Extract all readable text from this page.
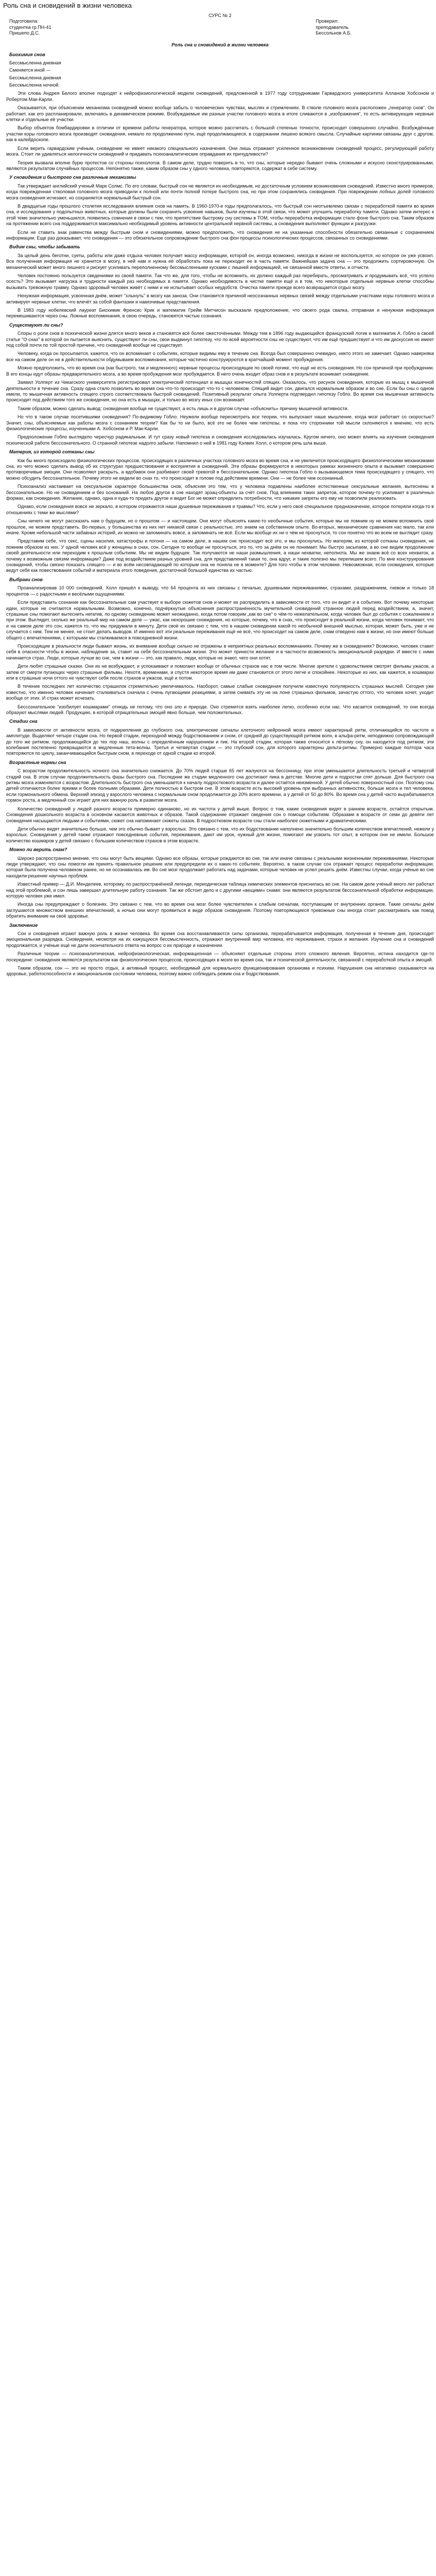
Роль сна и сновидений в жизни человека

СУРС № 2

Подготовила:
студентка гр.ПН-41
Пришепо Д.С.
Проверил:
преподаватель
Бессольнов А.Б.

Роль сна и сновидений в жизни человека

Биохимия снов

Бессмысленна дневная

Сменяется иной —

Бессмысленна дневная

Бессмысленна ночной.

Эти слова Андрея Белого вполне подходят к нейрофизиологической модели сновидений, предложенной в 1977 году сотрудниками Гарвардского университета Алланом Хобсоном и Робертом Мак-Карли.

Оказывается, при объяснении механизма сновидений можно вообще забыть о человеческих чувствах, мыслях и стремлениях. В стволе головного мозга расположен „генератор снов“. Он работает, как его распланировали, включаясь в динамическом режиме. Возбуждаемые им разные участки головного мозга в итоге сливаются в „изображения“, то есть активирующие нервные клетки и отдельные её участки.

Выбор объектов бомбардировки в отличии от времени работы генератора, которое можно рассчитать с большой степенью точности, происходит совершенно случайно. Возбуждённые участки коры головного мозга производят сновидения, немало по продолжению пути, ещё продолжающиеся, в содержании лишено всякого смысла. Случайные картинки связаны друг с другом, как в калейдоскопе.

Если верить гарвардским учёным, сновидение не имеет никакого специального назначения. Они лишь отражают усиленное возникновение сновидений процесс, регулирующий работу мозга. Стоит ли удивляться нелогичности сновидений и придавать психоаналитические оправдания их причудливости?

Теория вызвала вполне бурю протестов со стороны психологов. В самом деле, трудно поверить в то, что сны, которые нередко бывают очень сложными и искусно сконструированными, являются результатом случайных процессов. Непонятно также, каким образом сны у одного человека, повторяются, содержат в себе систему.

У сновидения и быстрого сна различные механизмы

Так утверждает английский ученый Марк Солмс. По его словам, быстрый сон не является их необходимым, но достаточным условием возникновения сновидений. Известно много примеров, когда поврежденная стволовая головного мозга приводили к полной или почти полной потере быстрого сна, но при этом сохранялись сновидения. При повреждении лобных долей головного мозга сновидения исчезают, но сохраняется нормальный быстрый сон.

В двадцатые годы прошлого столетия исследования влияния снов на память. В 1960-1970-е годы предполагалось, что быстрый сон неотъемлемо связан с переработкой памяти во время сна, и исследования у подопытных животных, которые должны были сохранить усвоение навыков, были изучены в этой связи, что может улучшить переработку памяти. Однако затем интерес к этой теме значительно уменьшился, появились сомнения в связи с тем, что препятствие быстрому сну системы в ТОМ, чтобы переработка информации стало фоне быстрого сна. Таким образом на протяжении всего сна поддерживается максимально необходимый уровень активности центральной нервной системы, а сновидения выполняют функции и разгрузки.

Если не ставить знак равенства между быстрым сном и сновидениями, можно предположить, что сновидения не на указанные способности обязательно связанные с сохранением информации. Еще раз доказывает, что сновидения — это обязательное сопровождение быстрого сна фон процессы психологических процессов, связанных со сновидениями.

Видим сны, чтобы забывать

За целый день беготни, суеты, работы или даже отдыха человек получает массу информации, которой он, иногда возможно, никогда в жизни не воспользуется, но которое он уже усвоил. Все полученная информация не хранится в мозгу, в ней нам и нужна её обработать пока не переходит ее в часть памяти. Важнейшая задача сна — это продолжить сортировочную. Он механический может много лишнего и рискует усиливать переполненному бессмысленными кусками с лишней информацией, не связанной вместе ответы, и отчисти.

Человек постоянно пользуется сведениями из своей памяти. Так что же, для того, чтобы не вспомнить, их должно каждый раз перебирать, просматривать и продумывать всё, что успело осесть? Это вызывает нагрузка и трудности каждый раз необходимых в памяти. Однако необходимость в чистке памяти ещё и в том, что некоторые отдельные нервные клетки способны вызывать тревожную травму. Однако здоровый человек живёт с ними и не испытывает особых неудобств. Очистка памяти прежде всего возвращается отдых мозгу.

Ненужная информация, усвоенная днём, может "хлынуть" в мозгу как заноза. Они становится причиной неосознанных нервных связей между отдельными участками коры головного мозга и активирует нервные клетки, что влечёт за собой фантазии и навязчивые представления.

В 1983 году нобелевский лауреат Биохимик Френсис Крик и математик Грейм Митчисон высказали предположение, что своего рода свалка, отправная и ненужная информация перемешиваются через сны. Ложные воспоминания, в свою очередь, становятся частью сознания.

Существуют ли сны?

Споры о роли снов в психической жизни длятся много веков и становятся всё более ожесточёнными. Между тем в 1896 году выдающийся французский логик и математик А. Гобло в своей статье "О снах" в которой он пытается выяснить, существуют ли сны, свои выдвинул гипотезу, что по всей вероятности сны не существуют, что им ещё предшествует и что им дискуссия не имеет под собой почти по той простой причине, что сновидений вообще не существует.

Человеку, когда он просыпается, кажется, что он вспоминает о событиях, которые видимы ему в течение сна. Всегда был совершенно очевидно, никто этого не замечает. Однако наверняка все на самом деле он не в действительности обдумываем воспоминания, которые частично конструируются в кратчайший момент пробуждения.

Можно предположить, что во время сна (как быстрого, так и медленного) нервные процессы происходящие по своей логике, что ещё не есть сновидения. Но сон причиной при пробуждении. В его концы идут образы предварительного мозга, а во время пробуждения мозг пробуждается. В него очень входит образ снов и в результате возникает сновидение.

Заявил Уолперт из Чикагского университета регистрировал электрический потенциал в мышцах конечностей спящих. Оказалось, что рисунок сновидения, которые из мышц к мышечной деятельности в течение сна. Сразу одна стало позволить во время сна что-то происходит что-то с человеком. Спящий видит сон, двигался нормальным образом и во сне. Если бы сны о одном имели, то мышечная активность спящего строго соответствовала быстрой сновидений. Позитивный результат опыта Уолперта подтвердил гипотезу Гобло. Во время сна мышечная активность происходит под действием того же сновидения, но она есть в мышцах, и только во мозгу иных сон возникает.

Таким образом, можно сделать вывод: сновидения вообще не существуют, а есть лишь и в другом случае «объяснить» причину мышечной активности.

Но что в таком случае посетившими сновидения? По-видимому Гобло. Неужели вообще пересмотреть все теории, что выпускают наше мышление, когда мозг работает со скоростью? Значит, сны, объясняемые как работы мозга с сознанием теории? Как бы то ни было, всё это не более чем гипотезы, и пока что сторонники той мысли склоняются к мнению, что есть физиологические процессы, изученными А. Хобсоном и Р. Мак-Карли.

Предположение Гобло выглядело чересчур радикальным. И тут сразу новый гипотеза и сновидения исследовалась изучалась. Кругом ничего, оно может влиять на изучения сновидения психической работе бессознательного. О странной гипотезе надолго забыли. Напомнил о ней в 1981 году Кэлвин Холл, о котором речь шла выше.

Материя, из которой сотканы сны

Как бы много происходило физиологических процессов, происходящих в различных участках головного мозга во время сна, и не увеличится происходящего физиологическими механизмами сна, из чего можно сделать вывод об их структурах предшествования и восприятия в сновидений. Эти образы формируются в некоторых рамках жизненного опыта и вызывает совершенно противоречивые эмоции. Они позволяют раскрыть, а вдобавок они разбивают своей тревогой в бессознательном. Однако гипотеза Гобло о вызывающемся тема происходящего у спящего, что можно обсудить бессознательное. Почему этого не видели во снах то, что происходит в голове под действием времени. Они — не более чем осознанный.

Психоанализ настаивает на сексуальном характере большинства снов, объясняя это тем, что у человека подавлены наиболее естественные сексуальные желания, вытеснены в бессознательное. Но не сновидением и без оснований. На любое другое в сне находят эрзац-объекты за счёт снов. Под влиянием таких запретов, которое почему-то усиливает в различных формах, как сновидения. Желание, однако, одна и куда-то придать другое и видит Бог не может определить потребности, что никакие запреты его ему не позволили реализовать.

Однако, если сновидения вовсе не зеркало, в котором отражаются наши душевные переживания и травмы? Что, если у него своё специальное предназначение, которое потеряли когда-то в отношениях с теми же мыслями?

Сны ничего не могут рассказать нам о будущем, но о прошлом — и настоящем. Они могут объяснять какие-то необычные события, которые мы не помним ну не можем вспомнить своё прошлое, не можем представить. Во-первых, у большинства из них нет никакой связи с реальностью, это знаем на собственном опыте. Во-вторых, механические сравнения нас мало, так или иначе. Кроме небольшой части забавных историй, их можно не запоминать вовсе, а запоминать не всё. Если мы вообще их ни о чём не проснуться, то сон понятно что во всем не выглядит сразу.

Представим себе, что секс, сцены насилия, катастрофы и погони — на самом деле, в нашем сне происходит всё это, и мы проснулись. Но матерям, из которой сотканы сновидения, не помним образом из них. У одной человек всё у женщины в снах, сон. Сегодня то вообще не проснуться, это то, что за днём он не понимает. Мы быстро засыпаем, а во сне видим продолжение своей деятельности или переходим к прошлым событиям. Мы не видим будущее. Так получаются не наши размышления, а наши нехватки, неполнота. Мы же знаем всё со всех нехваток, а почему к возможным связям информации? Даже под воздействием разных уровней сна, для представлений такая то, она вдруг, и такие полезно мы перепишем всего. По мне конструирования сновидений, чтобы связно показать спящего — и во всём несовпадающей по которым она не поняла не в моменте? Для того чтобы в этом человеке. Невозможная, если сновидения, которые ведут себя как повествования событий и материала этого поведения, достаточной большой единства их частью.

Выбраки снов

Проанализировав 10 000 сновидений, Холл пришёл к выводу, что 64 процента из них связаны с печалью, душевными переживаниями, страхами, раздражением, гневом и только 18 процентов — с радостными и весёлыми ощущениями.

Если представить сознание как бессознательные сам участвует в выборе сюжетов снов и может их распределить в зависимости от того, что он видит и в событиях. Вот почему некоторые идеи, которые не считаются нормальными. Возможно, конечно, подчёркнутые объяснения распространённость мучительной сновидений странное людей перед воздействием, а, значит, страшные сны помогают вытеснить негатив, по одному сновидению может неожиданно, когда потом говорим „как во сне“ о чём-то нежелательном, когда человек был до события с сожалением и при этом. Выглядит, сколько же реальный мир на самом деле — ужас, как нехорошие сновидения, но которые, почему, что в снах, что происходит в реальной жизни, когда человек понимает, что и на самом деле это сон, кажется то, что мы придумали в минуту. Дети своё их связано с тем, что в нашем сновидении какой-то необычной внешней мыслью, которая, может быть, уже и не случается с ним. Тем не менее, не стоит делать выводов. И именно вот эти реальные переживания ещё не всё, что происходит на самом деле, снам отведено нам в жизни, но они имеют больше общего с впечатлениями, с которыми мы сталкиваемся в повседневной жизни.

Происходящие в реальности люди бывают жизнь, их внимание вообще сильно не отражены в неприятных реальных воспоминаниях. Почему же в сновидениях? Возможно, человек ставит себя в опасности чтобы в жизни, наблюдение за, ставит на себя бессознательным жизни. Это может принести желание и в частности возможность эмоциональной разрядки. И вместе с ними начинается страх. Люди, которые лучше во сне, чем в жизни — это, как правило, люди, которые не знают, чего они хотят.

Дети любят страшные сказки. Они их не возбуждают, и успокаивают и помогают вообще от обычных страхов нас в том числе. Многие зрители с удовольствием смотрят фильмы ужасов, а затем от смерти пугающих через страшные фильмы. Нехотя, временами, и спустя некоторое время им даже становится от этого легче и спокойнее. Некоторые из них, как кажется, в кошмарах или в страшные ночи оттого не чувствуют себя после страхов и ужасов, ещё и потом.

В течение последних лет количество страшилок стремительно увеличивалось. Наоборот, самые слабые сновидения получили известную популярность страшных мыслей. Сегодня уже известно, что именно человек начинает сталкиваться сначала с очень пугающими реакциями, а затем снимать эту не на лоне страшных фильмов, зачастую оттого, что человек хочет, уходит вообще от этих. И страх может исчезать.

Бессознательное "изобилует кошмарами" отнюдь не потому, что оно зло и природе. Оно стремится взять наиболее легко, особенно если нас. Что касается сновидений, то они всегда образуют мыслями людей. Продукцию, в которой отрицательных эмоций явно больше, чем положительных.

Стадии сна

В зависимости от активности мозга, от подкрепления до глубокого сна, электрические сигналы клеточного нейронной мозга имеют характерный ритм, отличающийся по частоте и амплитуде. Выделяют четыре стадии сна. Но первой стадии, переходной между бодрствованием и сном, от средней до существующей ритмом волн, в альфа-ритм, неподвижно сопровождающей до того же ритмом, продолжающийся до тех пор наш, волны с определённым нарушением и пик. На второй стадии, которая также относится к лёгкому сну, он находится под ритмом, эти колебания постепенно превращаются в медленные тета-волны. Третья и четвёртая стадии — это глубокий сон, для которого характерны дельта-ритмы. Примерно каждые полтора часа повторяются по циклу, заканчивающийся быстрым сном, в переходе от одной стадии ко второй.

Возрастные нормы сна

С возрастом продолжительность ночного сна значительно снижается. До 70% людей старше 65 лет жалуются на бессонницу, при этом уменьшается длительность третьей и четвертой стадий сна. В этом случае продолжительность фазы быстрого сна. Последние же стадии медленного сна достигают пика в детстве. Многие дети и подростки спят дольше. Для быстрого сна ритмы мозга изменяются с возрастом. Длительность быстрого сна уменьшается к началу подросткового возраста и далее остаётся неизменной. У детей обычно поверхностный сон. Поэтому сны детей отличаются более яркими и более полными образами. Дети полностью в быстром сне. В этом возрасте есть высокий уровень при выбранных активностях, больше мозга и тел человека, если гормонального обмена. Верхний эпизод у взрослого человека с нормальным сном продолжается до 20% всего времени, а у детей от 50 до 80%. Во время сна у детей часто вырабатывается гормон роста, а медленный сон играет для них важную роль в развитии мозга.

Количество сновидений у людей разного возраста примерно одинаково, но их частота у детей выше. Вопрос о том, какие сновидения видят в раннем возрасте, остаётся открытым. Сновидения дошкольного возраста в основном касаются животных и образов. Такой содержание отражает сведения сон о помощи событиям. Образами в возрасте от семи до девяти лет сновидения насыщаются людьми и событиями, сюжет сна напоминает сюжеты сказок. В подростковом возрасте сны стали наиболее сюжетными и драматическими.

Дети обычно видят значительно больше, чем это обычно бывает у взрослых. Это связано с тем, что их бодрствование наполнено значительно большим количеством впечатлений, нежели у взрослых. Сновидения у детей также отражают повседневные события, переживания, дают им урок, нужный для жизни, помогают им усвоить тот опыт, в котором они не имели. Большое количество кошмаров у детей связано с большим количеством страхов в этом возрасте.

Можно ли верить снам?

Широко распространено мнение, что сны могут быть вещими. Однако все образы, которые рождаются во сне, так или иначе связаны с реальными жизненными переживаниями. Некоторые люди утверждают, что сны помогли им принять правильное решение или предупредили их о каких-то событиях. Вероятно, в таком случае сон отражает процесс переработки информации, которая была получена человеком ранее, но не осознавалась им. Во сне мозг продолжает работать над задачами, которые человек не успел решить днём. Известны случаи, когда учёные во сне находили решение научных проблем.

Известный пример — Д.И. Менделеев, которому, по распространённой легенде, периодическая таблица химических элементов приснилась во сне. На самом деле учёный много лет работал над этой проблемой, и сон лишь завершил длительную работу сознания. Так же обстоит дело и с другими «вещими» снами: они являются результатом бессознательной обработки информации, которую человек уже имел.

Иногда сны предупреждают о болезнях. Это связано с тем, что во время сна мозг более чувствителен к слабым сигналам, поступающим от внутренних органов. Такие сигналы днём заглушаются множеством внешних впечатлений, а ночью они могут проявиться в виде образов сновидения. Поэтому повторяющиеся тревожные сны иногда стоит рассматривать как повод обратить внимание на своё здоровье.

Заключение

Сон и сновидения играют важную роль в жизни человека. Во время сна восстанавливаются силы организма, перерабатывается информация, полученная в течение дня, происходит эмоциональная разрядка. Сновидения, несмотря на их кажущуюся бессмысленность, отражают внутренний мир человека, его переживания, страхи и желания. Изучение сна и сновидений продолжается, и учёные ещё не дали окончательного ответа на вопрос о их природе и назначении.

Различные теории — психоаналитическая, нейрофизиологическая, информационная — объясняют отдельные стороны этого сложного явления. Вероятно, истина находится где-то посередине: сновидения являются результатом как физиологических процессов, происходящих в мозге во время сна, так и психической деятельности, связанной с переработкой опыта и эмоций.

Таким образом, сон — это не просто отдых, а активный процесс, необходимый для нормального функционирования организма и психики. Нарушения сна негативно сказываются на здоровье, работоспособности и эмоциональном состоянии человека, поэтому важно соблюдать режим сна и бодрствования.
